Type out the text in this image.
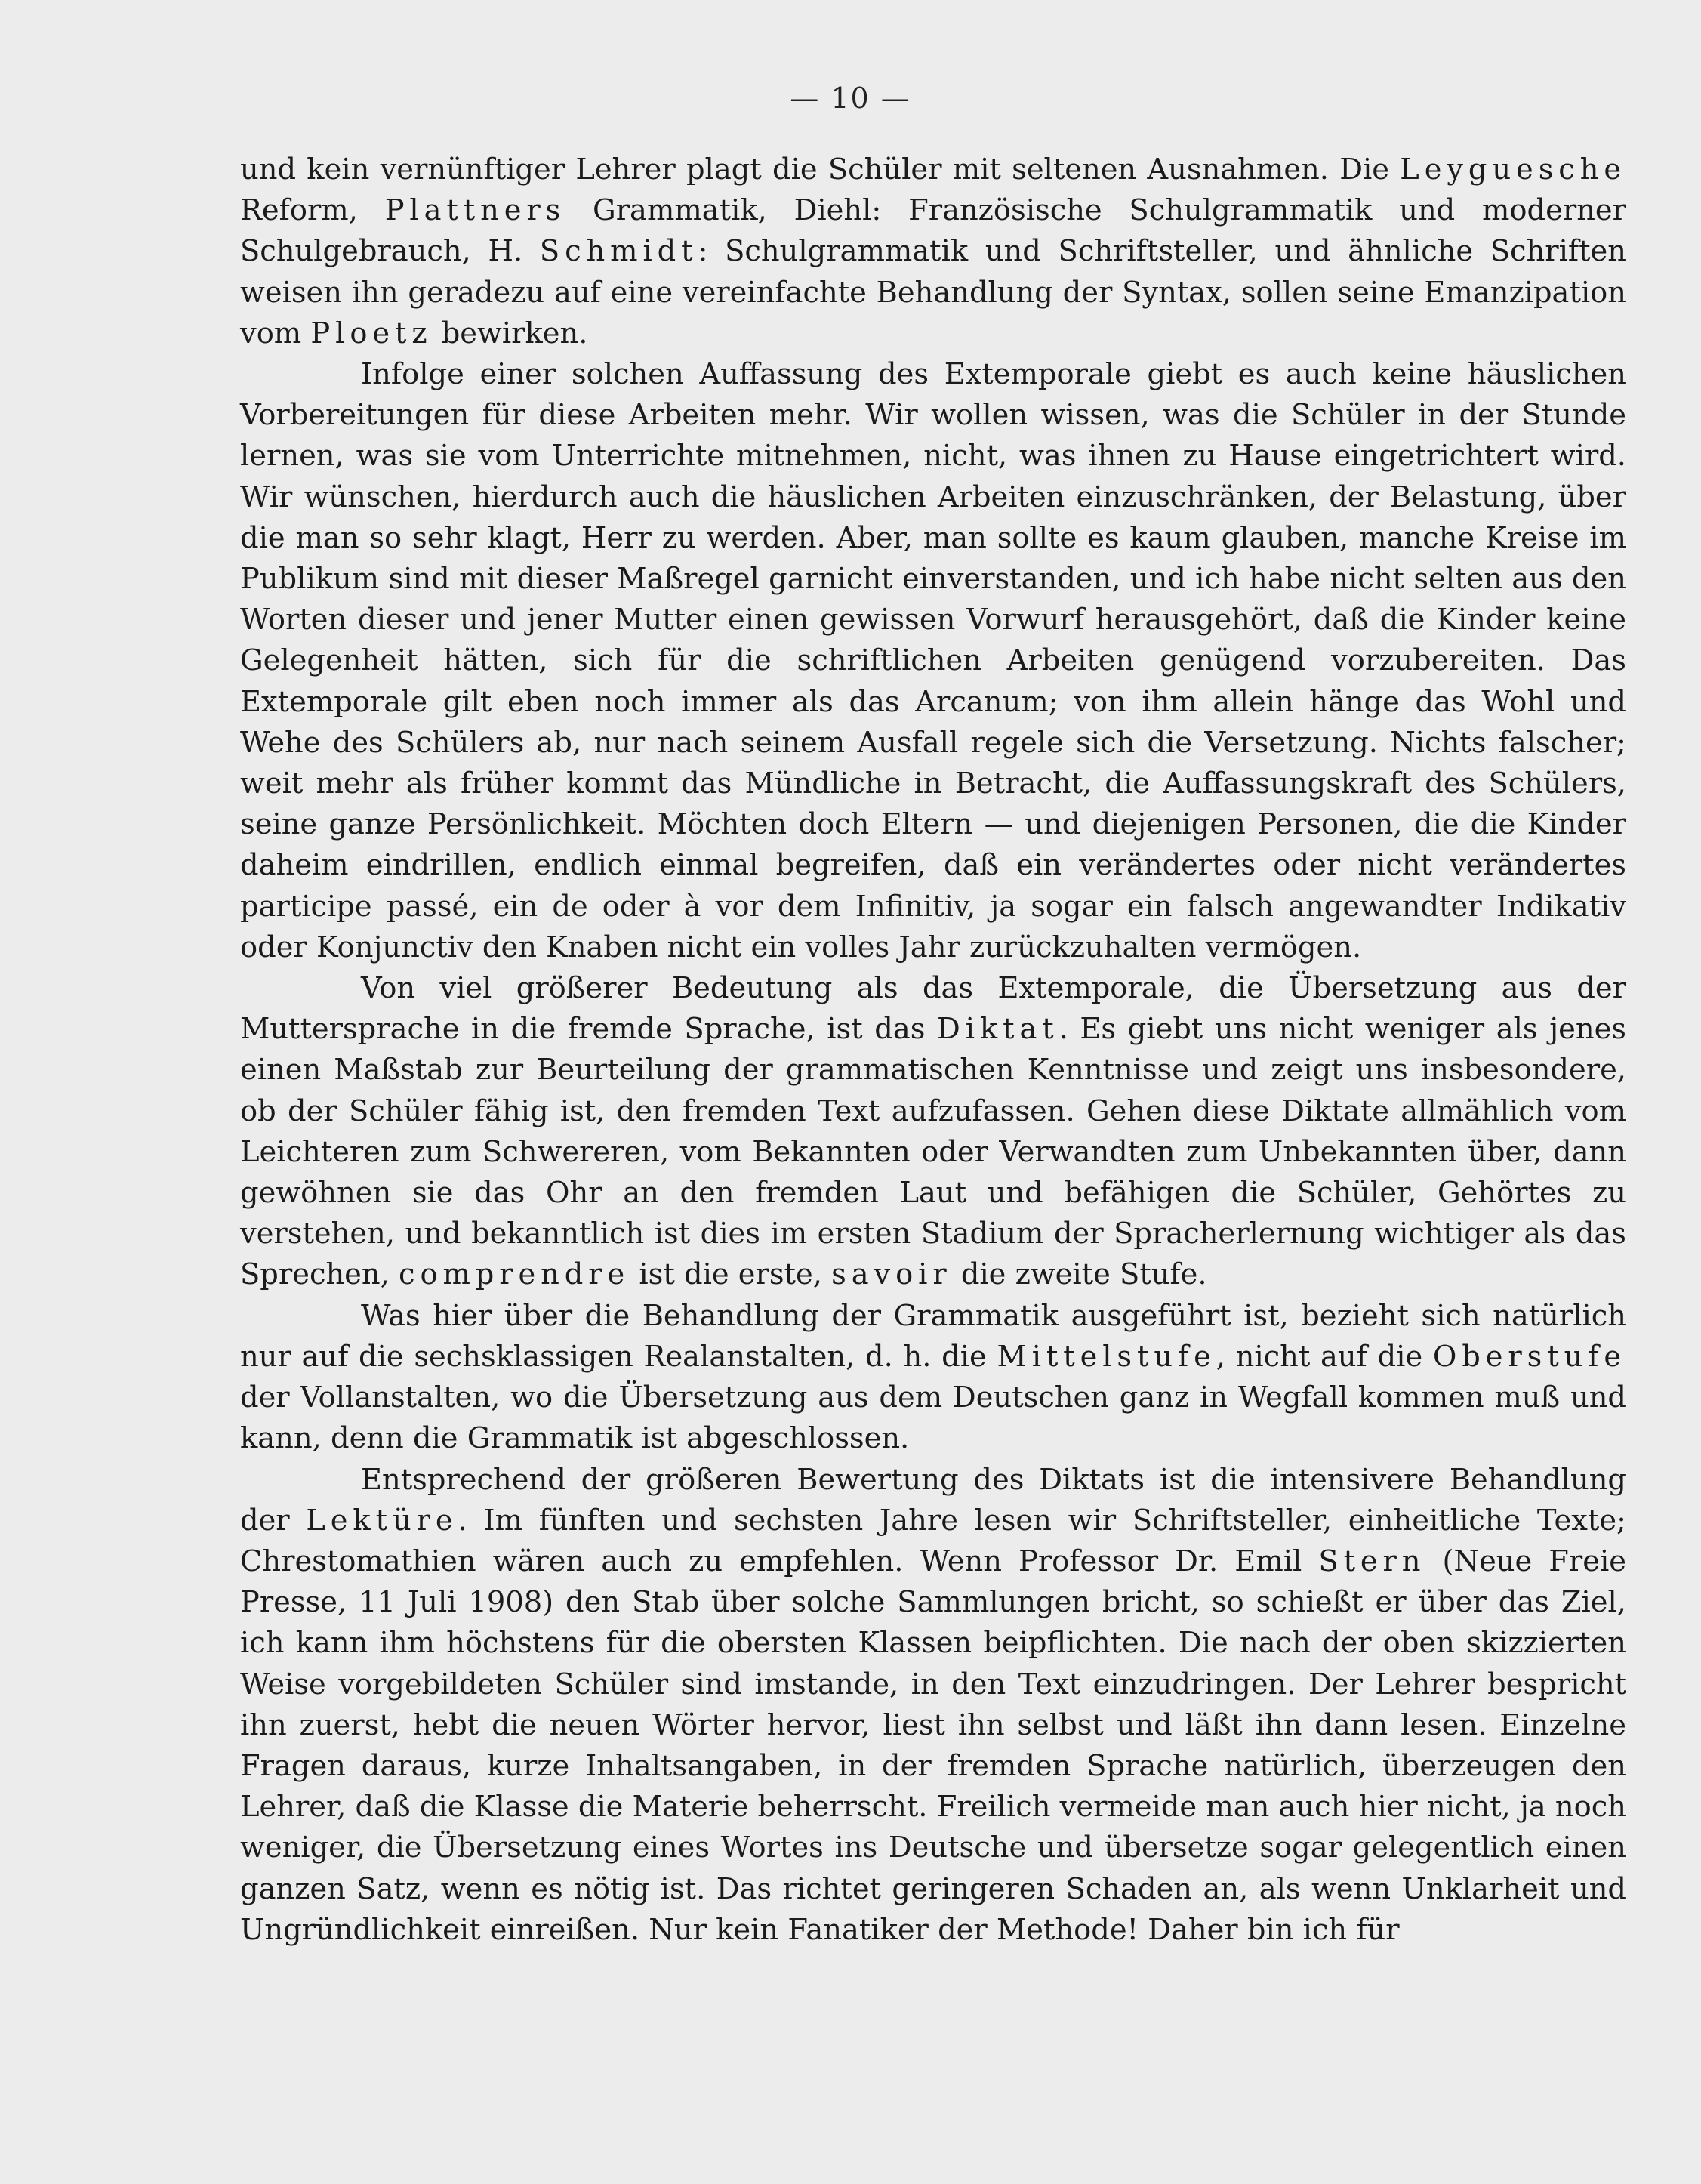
— 10 —

und kein vernünftiger Lehrer plagt die Schüler mit seltenen Ausnahmen. Die Leyguesche Reform, Plattners Grammatik, Diehl: Französische Schulgrammatik und moderner Schulgebrauch, H. Schmidt: Schulgrammatik und Schriftsteller, und ähnliche Schriften weisen ihn geradezu auf eine vereinfachte Behandlung der Syntax, sollen seine Emanzipation vom Ploetz bewirken.

Infolge einer solchen Auffassung des Extemporale giebt es auch keine häuslichen Vorbereitungen für diese Arbeiten mehr. Wir wollen wissen, was die Schüler in der Stunde lernen, was sie vom Unterrichte mitnehmen, nicht, was ihnen zu Hause eingetrichtert wird. Wir wünschen, hierdurch auch die häuslichen Arbeiten einzuschränken, der Belastung, über die man so sehr klagt, Herr zu werden. Aber, man sollte es kaum glauben, manche Kreise im Publikum sind mit dieser Maßregel garnicht einverstanden, und ich habe nicht selten aus den Worten dieser und jener Mutter einen gewissen Vorwurf herausgehört, daß die Kinder keine Gelegenheit hätten, sich für die schriftlichen Arbeiten genügend vorzubereiten. Das Extemporale gilt eben noch immer als das Arcanum; von ihm allein hänge das Wohl und Wehe des Schülers ab, nur nach seinem Ausfall regele sich die Versetzung. Nichts falscher; weit mehr als früher kommt das Mündliche in Betracht, die Auffassungskraft des Schülers, seine ganze Persönlichkeit. Möchten doch Eltern — und diejenigen Personen, die die Kinder daheim eindrillen, endlich einmal begreifen, daß ein verändertes oder nicht verändertes participe passé, ein de oder à vor dem Infinitiv, ja sogar ein falsch angewandter Indikativ oder Konjunctiv den Knaben nicht ein volles Jahr zurückzuhalten vermögen.

Von viel größerer Bedeutung als das Extemporale, die Übersetzung aus der Muttersprache in die fremde Sprache, ist das Diktat. Es giebt uns nicht weniger als jenes einen Maßstab zur Beurteilung der grammatischen Kenntnisse und zeigt uns insbesondere, ob der Schüler fähig ist, den fremden Text aufzufassen. Gehen diese Diktate allmählich vom Leichteren zum Schwereren, vom Bekannten oder Verwandten zum Unbekannten über, dann gewöhnen sie das Ohr an den fremden Laut und befähigen die Schüler, Gehörtes zu verstehen, und bekanntlich ist dies im ersten Stadium der Spracherlernung wichtiger als das Sprechen, comprendre ist die erste, savoir die zweite Stufe.

Was hier über die Behandlung der Grammatik ausgeführt ist, bezieht sich natürlich nur auf die sechsklassigen Realanstalten, d. h. die Mittelstufe, nicht auf die Oberstufe der Vollanstalten, wo die Übersetzung aus dem Deutschen ganz in Wegfall kommen muß und kann, denn die Grammatik ist abgeschlossen.

Entsprechend der größeren Bewertung des Diktats ist die intensivere Behandlung der Lektüre. Im fünften und sechsten Jahre lesen wir Schriftsteller, einheitliche Texte; Chrestomathien wären auch zu empfehlen. Wenn Professor Dr. Emil Stern (Neue Freie Presse, 11 Juli 1908) den Stab über solche Sammlungen bricht, so schießt er über das Ziel, ich kann ihm höchstens für die obersten Klassen beipflichten. Die nach der oben skizzierten Weise vorgebildeten Schüler sind imstande, in den Text einzudringen. Der Lehrer bespricht ihn zuerst, hebt die neuen Wörter hervor, liest ihn selbst und läßt ihn dann lesen. Einzelne Fragen daraus, kurze Inhaltsangaben, in der fremden Sprache natürlich, überzeugen den Lehrer, daß die Klasse die Materie beherrscht. Freilich vermeide man auch hier nicht, ja noch weniger, die Übersetzung eines Wortes ins Deutsche und übersetze sogar gelegentlich einen ganzen Satz, wenn es nötig ist. Das richtet geringeren Schaden an, als wenn Unklarheit und Ungründlichkeit einreißen. Nur kein Fanatiker der Methode! Daher bin ich für
